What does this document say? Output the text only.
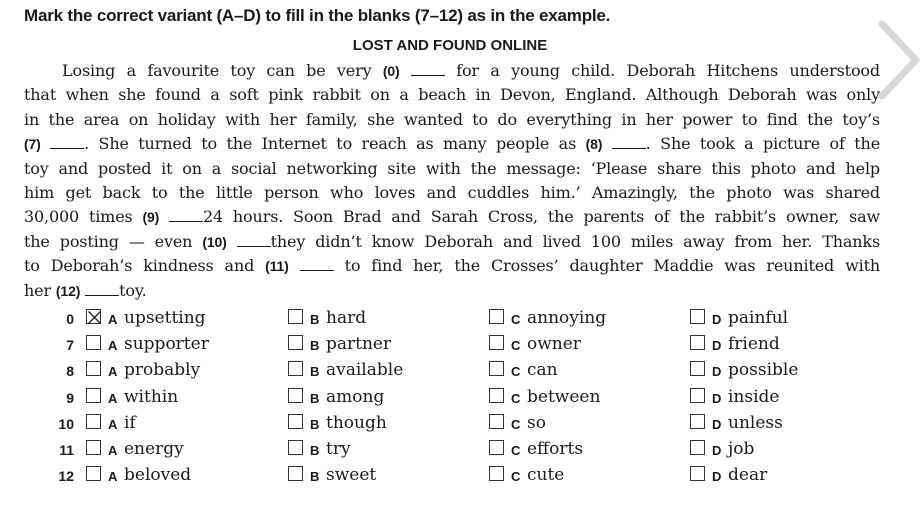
Mark the correct variant (A–D) to fill in the blanks (7–12) as in the example.
LOST AND FOUND ONLINE
Losing a favourite toy can be very (0)	for a young child. Deborah Hitchens understood
that when she found a soft pink rabbit on a beach in Devon, England. Although Deborah was only
in the area on holiday with her family, she wanted to do everything in her power to find the toy’s
(7)	. She turned to the Internet to reach as many people as (8)	. She took a picture of the
toy and posted it on a social networking site with the message: ‘Please share this photo and help
him get back to the little person who loves and cuddles him.’ Amazingly, the photo was shared
30,000 times (9)	24 hours. Soon Brad and Sarah Cross, the parents of the rabbit’s owner, saw
the posting — even (10)	they didn’t know Deborah and lived 100 miles away from her. Thanks
to Deborah’s kindness and (11)	to find her, the Crosses’ daughter Maddie was reunited with
her (12) toy.
0	A upsetting	B hard	C annoying	D painful
7	A supporter	B partner	C owner	D friend
8	A probably	B available	C can	D possible
9	A within	B among	C between	D inside
10	A if	B though	C so	D unless
11	A energy	B try	C efforts	D job
12	A beloved	B sweet	C cute	D dear
